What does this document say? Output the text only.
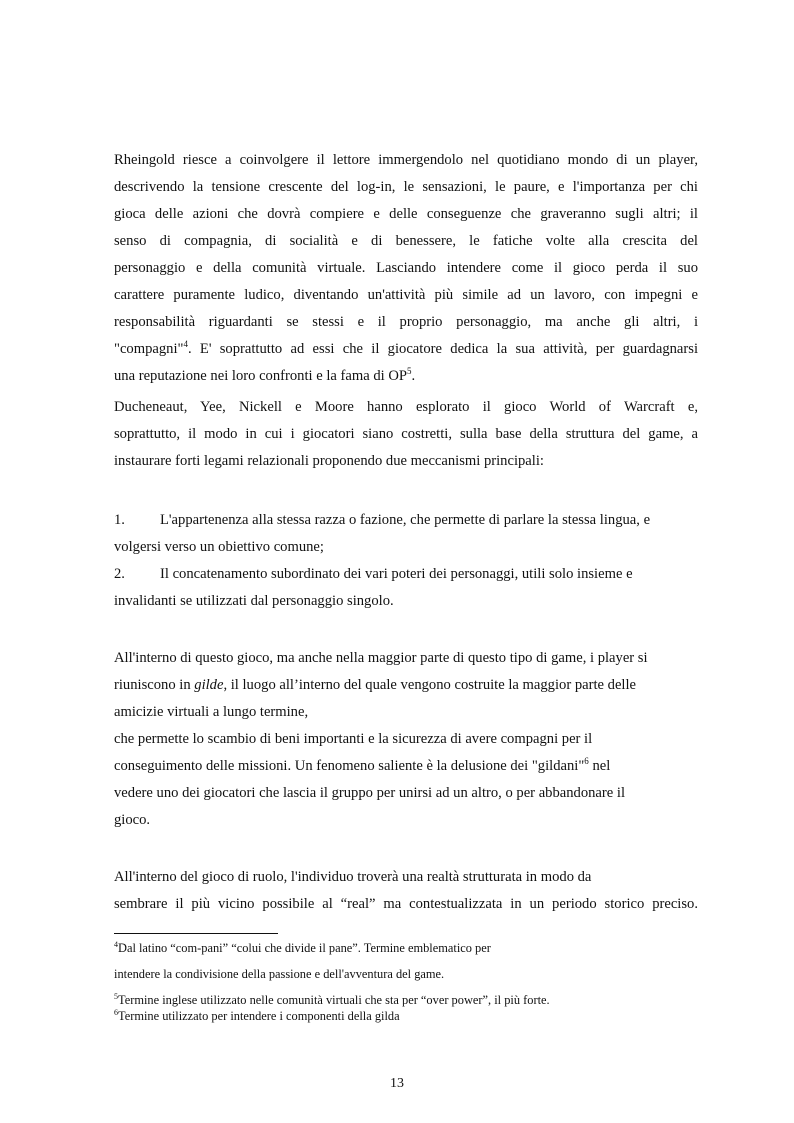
Rheingold riesce a coinvolgere il lettore immergendolo nel quotidiano mondo di un player,
descrivendo la tensione crescente del log-in, le sensazioni, le paure, e l'importanza per chi
gioca delle azioni che dovrà compiere e delle conseguenze che graveranno sugli altri; il
senso di compagnia, di socialità e di benessere, le fatiche volte alla crescita del
personaggio e della comunità virtuale. Lasciando intendere come il gioco perda il suo
carattere puramente ludico, diventando un'attività più simile ad un lavoro, con impegni e
responsabilità riguardanti se stessi e il proprio personaggio, ma anche gli altri, i
"compagni"$^4$. E' soprattutto ad essi che il giocatore dedica la sua attività, per guardagnarsi
una reputazione nei loro confronti e la fama di $OP^5$.
Ducheneaut, Yee, Nickell e Moore hanno esplorato il gioco World of Warcraft e,
soprattutto, il modo in cui i giocatori siano costretti, sulla base della struttura del game, a
instaurare forti legami relazionali proponendo due meccanismi principali:
1. L'appartenenza alla stessa razza o fazione, che permette di parlare la stessa lingua, e
volgersi verso un obiettivo comune;
2. Il concatenamento subordinato dei vari poteri dei personaggi, utili solo insieme e
invalidanti se utilizzati dal personaggio singolo.
All'interno di questo gioco, ma anche nella maggior parte di questo tipo di game, i player si
riuniscono in gilde, il luogo all’interno del quale vengono costruite la maggior parte delle
amicizie virtuali a lungo termine,
che permette lo scambio di beni importanti e la sicurezza di avere compagni per il
conseguimento delle missioni. Un fenomeno saliente è la delusione dei "gildani"$^6$ nel
vedere uno dei giocatori che lascia il gruppo per unirsi ad un altro, o per abbandonare il
gioco.
All'interno del gioco di ruolo, l'individuo troverà una realtà strutturata in modo da
sembrare il più vicino possibile al “real” ma contestualizzata in un periodo storico preciso.
$^4$Dal latino “com-pani” “colui che divide il pane”. Termine emblematico per
intendere la condivisione della passione e dell'avventura del game.
$^5$Termine inglese utilizzato nelle comunità virtuali che sta per “over power”, il più forte.
$^6$Termine utilizzato per intendere i componenti della gilda
13
